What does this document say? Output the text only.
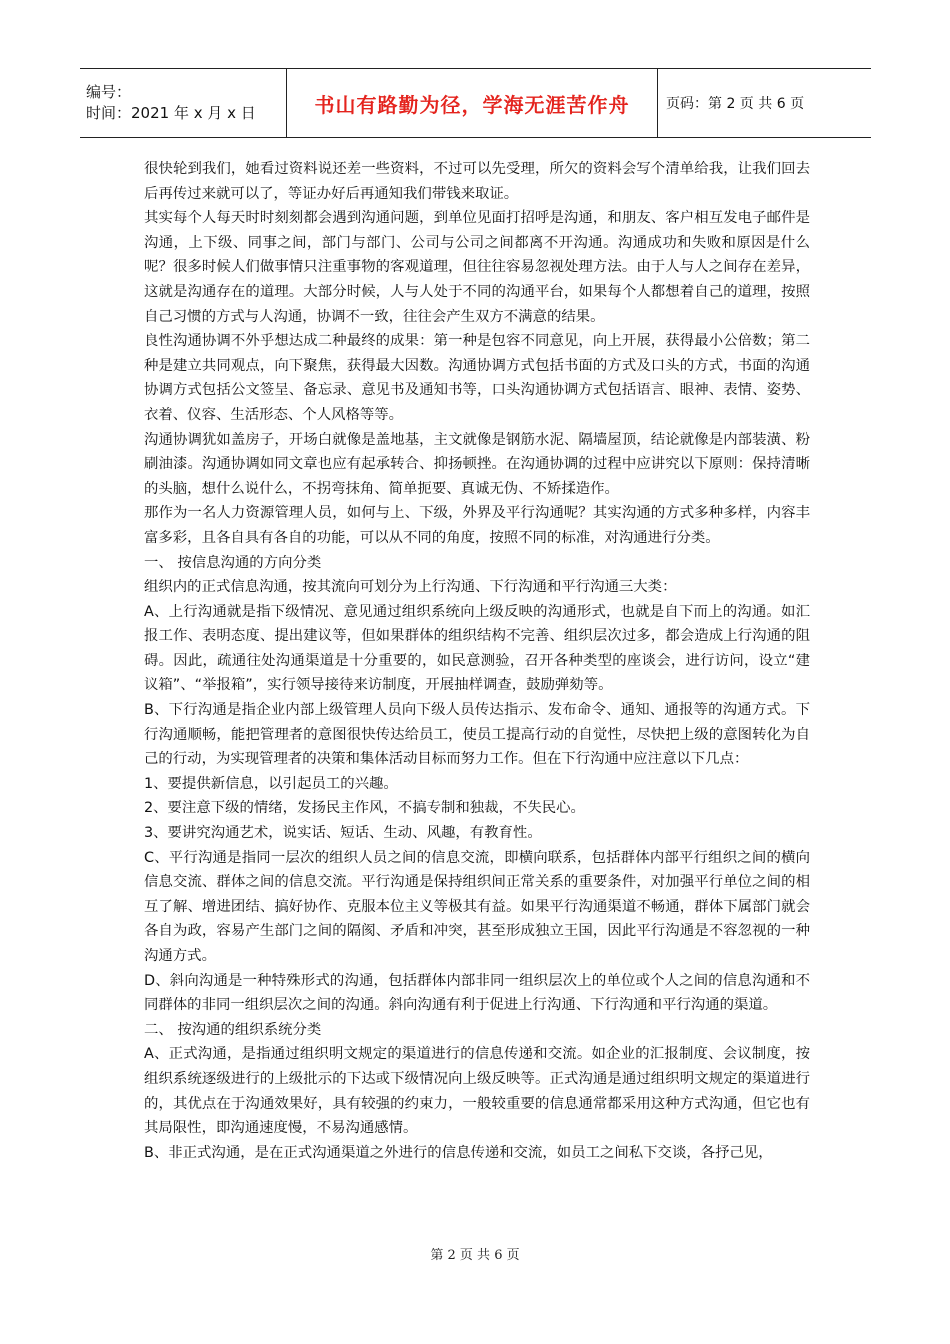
编号：
时间：2021 年 x 月 x 日	书山有路勤为径，学海无涯苦作舟	页码：第 2 页 共 6 页

很快轮到我们，她看过资料说还差一些资料，不过可以先受理，所欠的资料会写个清单给我，让我们回去后再传过来就可以了，等证办好后再通知我们带钱来取证。

其实每个人每天时时刻刻都会遇到沟通问题，到单位见面打招呼是沟通，和朋友、客户相互发电子邮件是沟通，上下级、同事之间，部门与部门、公司与公司之间都离不开沟通。沟通成功和失败和原因是什么呢？很多时候人们做事情只注重事物的客观道理，但往往容易忽视处理方法。由于人与人之间存在差异，这就是沟通存在的道理。大部分时候，人与人处于不同的沟通平台，如果每个人都想着自己的道理，按照自己习惯的方式与人沟通，协调不一致，往往会产生双方不满意的结果。

良性沟通协调不外乎想达成二种最终的成果：第一种是包容不同意见，向上开展，获得最小公倍数；第二种是建立共同观点，向下聚焦，获得最大因数。沟通协调方式包括书面的方式及口头的方式，书面的沟通协调方式包括公文签呈、备忘录、意见书及通知书等，口头沟通协调方式包括语言、眼神、表情、姿势、衣着、仪容、生活形态、个人风格等等。

沟通协调犹如盖房子，开场白就像是盖地基，主文就像是钢筋水泥、隔墙屋顶，结论就像是内部装潢、粉刷油漆。沟通协调如同文章也应有起承转合、抑扬顿挫。在沟通协调的过程中应讲究以下原则：保持清晰的头脑，想什么说什么，不拐弯抹角、简单扼要、真诚无伪、不矫揉造作。

那作为一名人力资源管理人员，如何与上、下级，外界及平行沟通呢？其实沟通的方式多种多样，内容丰富多彩，且各自具有各自的功能，可以从不同的角度，按照不同的标准，对沟通进行分类。

一、 按信息沟通的方向分类

组织内的正式信息沟通，按其流向可划分为上行沟通、下行沟通和平行沟通三大类：

A、上行沟通就是指下级情况、意见通过组织系统向上级反映的沟通形式，也就是自下而上的沟通。如汇报工作、表明态度、提出建议等，但如果群体的组织结构不完善、组织层次过多，都会造成上行沟通的阻碍。因此，疏通往处沟通渠道是十分重要的，如民意测验，召开各种类型的座谈会，进行访问，设立“建议箱”、“举报箱”，实行领导接待来访制度，开展抽样调查，鼓励弹劾等。

B、下行沟通是指企业内部上级管理人员向下级人员传达指示、发布命令、通知、通报等的沟通方式。下行沟通顺畅，能把管理者的意图很快传达给员工，使员工提高行动的自觉性，尽快把上级的意图转化为自己的行动，为实现管理者的决策和集体活动目标而努力工作。但在下行沟通中应注意以下几点：

1、要提供新信息，以引起员工的兴趣。

2、要注意下级的情绪，发扬民主作风，不搞专制和独裁，不失民心。

3、要讲究沟通艺术，说实话、短话、生动、风趣，有教育性。

C、平行沟通是指同一层次的组织人员之间的信息交流，即横向联系，包括群体内部平行组织之间的横向信息交流、群体之间的信息交流。平行沟通是保持组织间正常关系的重要条件，对加强平行单位之间的相互了解、增进团结、搞好协作、克服本位主义等极其有益。如果平行沟通渠道不畅通，群体下属部门就会各自为政，容易产生部门之间的隔阂、矛盾和冲突，甚至形成独立王国，因此平行沟通是不容忽视的一种沟通方式。

D、斜向沟通是一种特殊形式的沟通，包括群体内部非同一组织层次上的单位或个人之间的信息沟通和不同群体的非同一组织层次之间的沟通。斜向沟通有利于促进上行沟通、下行沟通和平行沟通的渠道。

二、 按沟通的组织系统分类

A、正式沟通，是指通过组织明文规定的渠道进行的信息传递和交流。如企业的汇报制度、会议制度，按组织系统逐级进行的上级批示的下达或下级情况向上级反映等。正式沟通是通过组织明文规定的渠道进行的，其优点在于沟通效果好，具有较强的约束力，一般较重要的信息通常都采用这种方式沟通，但它也有其局限性，即沟通速度慢，不易沟通感情。

B、非正式沟通，是在正式沟通渠道之外进行的信息传递和交流，如员工之间私下交谈，各抒己见，

第 2 页 共 6 页
